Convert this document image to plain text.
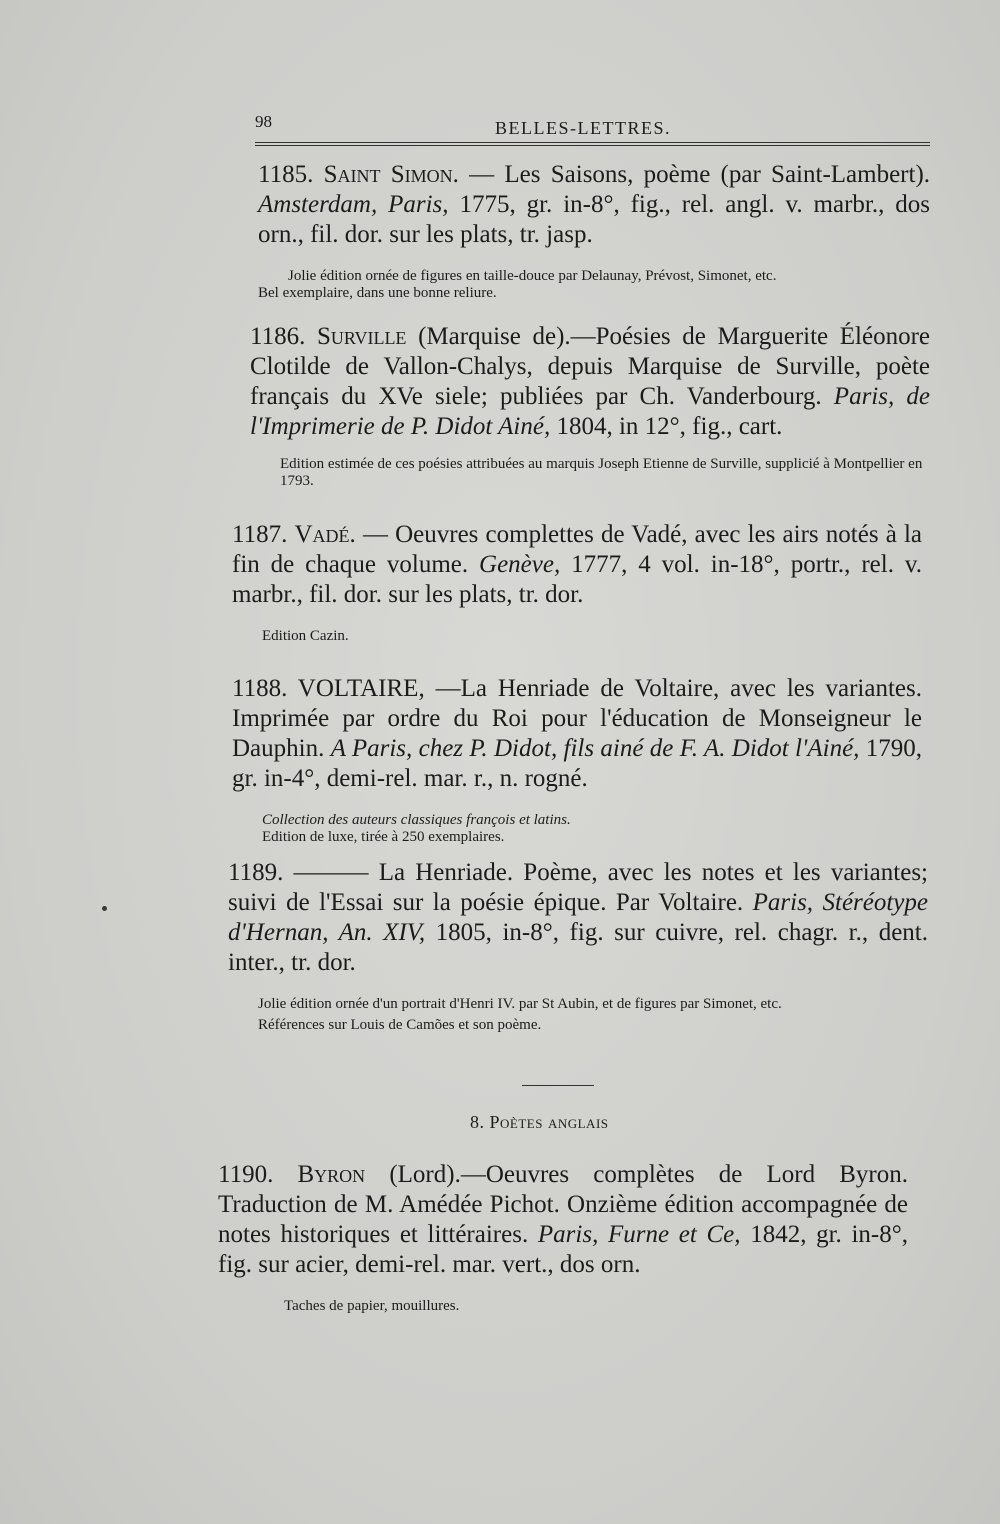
98	BELLES-LETTRES.

1185. Saint Simon. — Les Saisons, poème (par Saint-Lambert). Amsterdam, Paris, 1775, gr. in-8°, fig., rel. angl. v. marbr., dos orn., fil. dor. sur les plats, tr. jasp.

Jolie édition ornée de figures en taille-douce par Delaunay, Prévost, Simonet, etc.

Bel exemplaire, dans une bonne reliure.

1186. Surville (Marquise de).—Poésies de Marguerite Éléonore Clotilde de Vallon-Chalys, depuis Marquise de Surville, poète français du XVe siele; publiées par Ch. Vanderbourg. Paris, de l'Imprimerie de P. Didot Ainé, 1804, in 12°, fig., cart.

Edition estimée de ces poésies attribuées au marquis Joseph Etienne de Surville, supplicié à Montpellier en 1793.

1187. Vadé. — Oeuvres complettes de Vadé, avec les airs notés à la fin de chaque volume. Genève, 1777, 4 vol. in-18°, portr., rel. v. marbr., fil. dor. sur les plats, tr. dor.

Edition Cazin.

1188. VOLTAIRE, —La Henriade de Voltaire, avec les variantes. Imprimée par ordre du Roi pour l'éducation de Monseigneur le Dauphin. A Paris, chez P. Didot, fils ainé de F. A. Didot l'Ainé, 1790, gr. in-4°, demi-rel. mar. r., n. rogné.

Collection des auteurs classiques françois et latins.

Edition de luxe, tirée à 250 exemplaires.

1189. ——— La Henriade. Poème, avec les notes et les variantes; suivi de l'Essai sur la poésie épique. Par Voltaire. Paris, Stéréotype d'Hernan, An. XIV, 1805, in-8°, fig. sur cuivre, rel. chagr. r., dent. inter., tr. dor.

Jolie édition ornée d'un portrait d'Henri IV. par St Aubin, et de figures par Simonet, etc.

Références sur Louis de Camões et son poème.

8. Poètes anglais

1190. Byron (Lord).—Oeuvres complètes de Lord Byron. Traduction de M. Amédée Pichot. Onzième édition accompagnée de notes historiques et littéraires. Paris, Furne et Ce, 1842, gr. in-8°, fig. sur acier, demi-rel. mar. vert., dos orn.

Taches de papier, mouillures.
